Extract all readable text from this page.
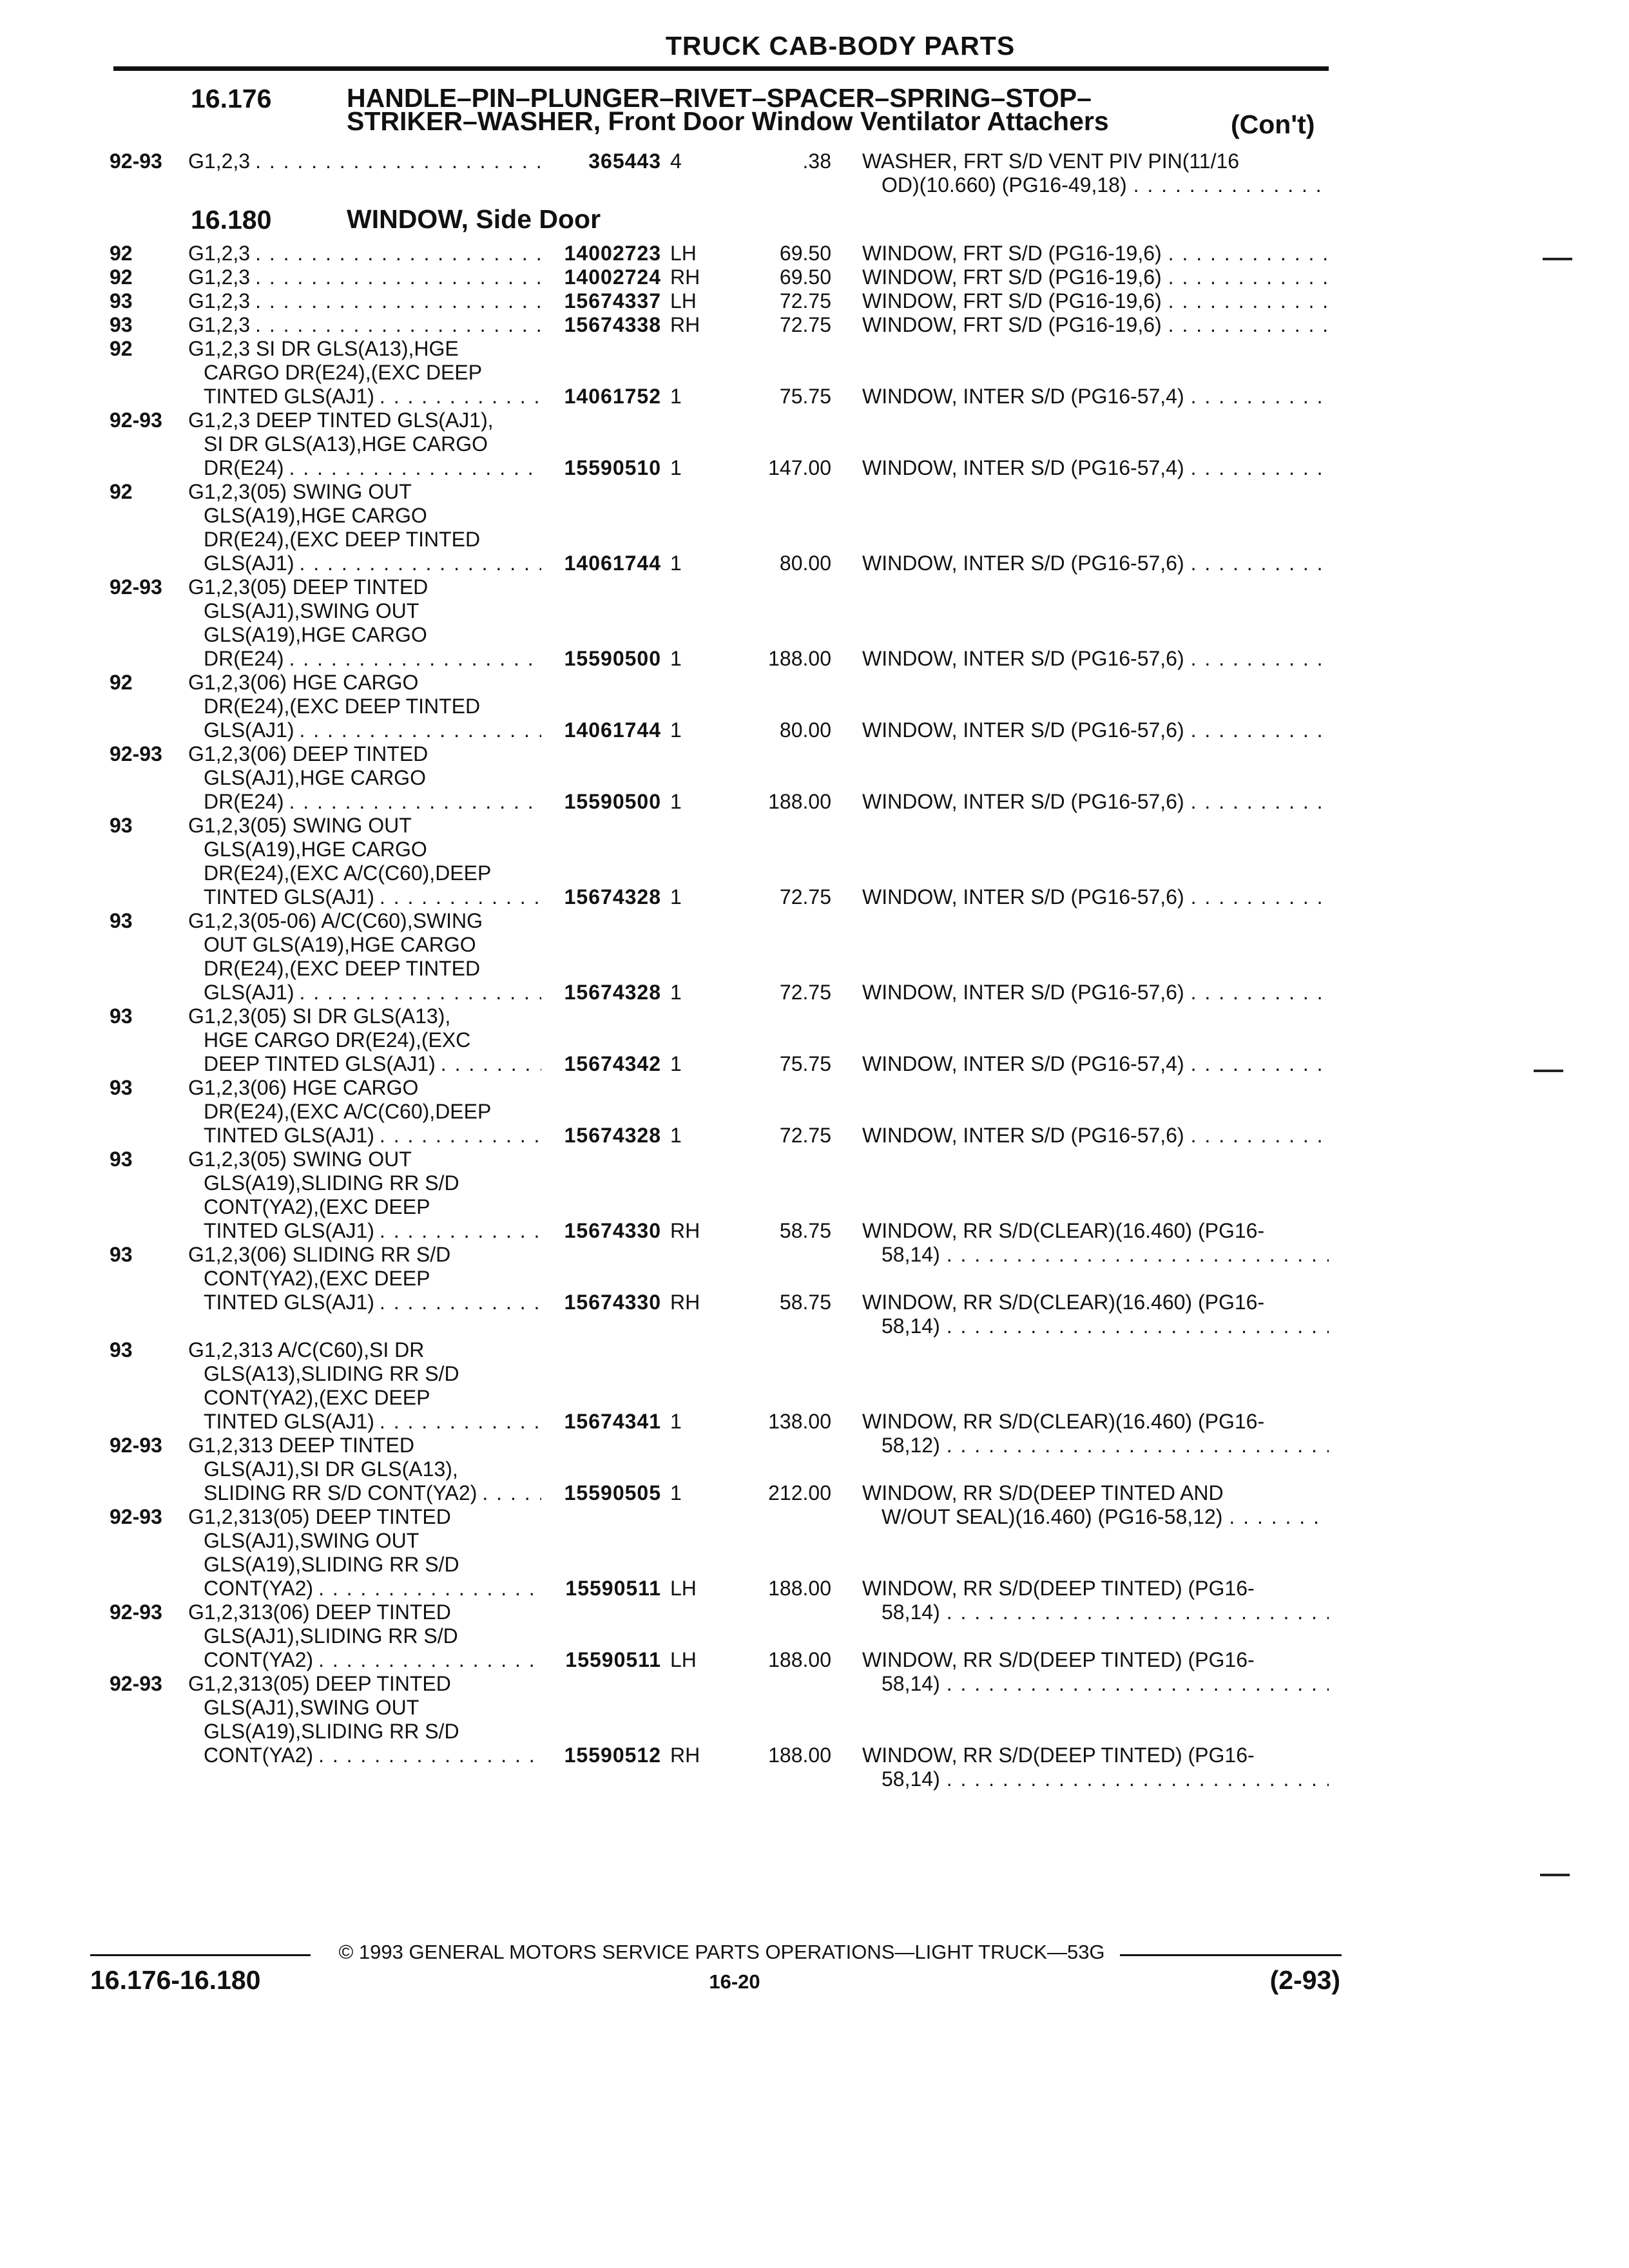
TRUCK CAB-BODY PARTS
16.176	HANDLE–PIN–PLUNGER–RIVET–SPACER–SPRING–STOP–
STRIKER–WASHER, Front Door Window Ventilator Attachers	(Con't)
16.180	WINDOW, Side Door
92-93	G1,2,3 . . .	365443 4	.38 WASHER, FRT S/D VENT PIV PIN(11/16
OD)(10.660) (PG16-49,18)
. . .
92	G1,2,3 . . .	14002723 LH	69.50 WINDOW, FRT S/D (PG16-19,6)
. . .
92	G1,2,3 . . .	14002724 RH	69.50 WINDOW, FRT S/D (PG16-19,6)
. . .
93	G1,2,3 . . .	15674337 LH	72.75 WINDOW, FRT S/D (PG16-19,6)
. . .
93	G1,2,3 . . .	15674338 RH	72.75 WINDOW, FRT S/D (PG16-19,6)
. . .
92	G1,2,3 SI DR GLS(A13),HGE
CARGO DR(E24),(EXC DEEP
TINTED GLS(AJ1) . . .	14061752 1	75.75 WINDOW, INTER S/D (PG16-57,4)
. . .
92-93	G1,2,3 DEEP TINTED GLS(AJ1),
SI DR GLS(A13),HGE CARGO
DR(E24) . . .	15590510 1	147.00 WINDOW, INTER S/D (PG16-57,4)
. . .
92	G1,2,3(05) SWING OUT
GLS(A19),HGE CARGO
DR(E24),(EXC DEEP TINTED
GLS(AJ1) . . .	14061744 1	80.00 WINDOW, INTER S/D (PG16-57,6)
. . .
92-93	G1,2,3(05) DEEP TINTED
GLS(AJ1),SWING OUT
GLS(A19),HGE CARGO
DR(E24) . . .	15590500 1	188.00 WINDOW, INTER S/D (PG16-57,6)
. . .
92	G1,2,3(06) HGE CARGO
DR(E24),(EXC DEEP TINTED
GLS(AJ1) . . .	14061744 1	80.00 WINDOW, INTER S/D (PG16-57,6)
. . .
92-93	G1,2,3(06) DEEP TINTED
GLS(AJ1),HGE CARGO
DR(E24) . . .	15590500 1	188.00 WINDOW, INTER S/D (PG16-57,6)
. . .
93	G1,2,3(05) SWING OUT
GLS(A19),HGE CARGO
DR(E24),(EXC A/C(C60),DEEP
TINTED GLS(AJ1) . . .	15674328 1	72.75 WINDOW, INTER S/D (PG16-57,6)
. . .
93	G1,2,3(05-06) A/C(C60),SWING
OUT GLS(A19),HGE CARGO
DR(E24),(EXC DEEP TINTED
GLS(AJ1) . . .	15674328 1	72.75 WINDOW, INTER S/D (PG16-57,6)
. . .
93	G1,2,3(05) SI DR GLS(A13),
HGE CARGO DR(E24),(EXC
DEEP TINTED GLS(AJ1) . . .	15674342 1	75.75 WINDOW, INTER S/D (PG16-57,4)
. . .
93	G1,2,3(06) HGE CARGO
DR(E24),(EXC A/C(C60),DEEP
TINTED GLS(AJ1) . . .	15674328 1	72.75 WINDOW, INTER S/D (PG16-57,6)
. . .
93	G1,2,3(05) SWING OUT
GLS(A19),SLIDING RR S/D
CONT(YA2),(EXC DEEP
TINTED GLS(AJ1) . . .	15674330 RH	58.75 WINDOW, RR S/D(CLEAR)(16.460) (PG16-
58,14)
. . .
93	G1,2,3(06) SLIDING RR S/D
CONT(YA2),(EXC DEEP
TINTED GLS(AJ1) . . .	15674330 RH	58.75 WINDOW, RR S/D(CLEAR)(16.460) (PG16-
58,14)
. . .
93	G1,2,313 A/C(C60),SI DR
GLS(A13),SLIDING RR S/D
CONT(YA2),(EXC DEEP
TINTED GLS(AJ1) . . .	15674341 1	138.00 WINDOW, RR S/D(CLEAR)(16.460) (PG16-
58,12)
. . .
92-93	G1,2,313 DEEP TINTED
GLS(AJ1),SI DR GLS(A13),
SLIDING RR S/D CONT(YA2) . . .	15590505 1	212.00 WINDOW, RR S/D(DEEP TINTED AND
W/OUT SEAL)(16.460) (PG16-58,12)
. . .
92-93	G1,2,313(05) DEEP TINTED
GLS(AJ1),SWING OUT
GLS(A19),SLIDING RR S/D
CONT(YA2) . . .	15590511 LH	188.00 WINDOW, RR S/D(DEEP TINTED) (PG16-
58,14)
. . .
92-93	G1,2,313(06) DEEP TINTED
GLS(AJ1),SLIDING RR S/D
CONT(YA2) . . .	15590511 LH	188.00 WINDOW, RR S/D(DEEP TINTED) (PG16-
58,14)
. . .
92-93	G1,2,313(05) DEEP TINTED
GLS(AJ1),SWING OUT
GLS(A19),SLIDING RR S/D
CONT(YA2) . . .	15590512 RH	188.00 WINDOW, RR S/D(DEEP TINTED) (PG16-
58,14)
. . .
© 1993 GENERAL MOTORS SERVICE PARTS OPERATIONS—LIGHT TRUCK—53G
16.176-16.180	16-20	(2-93)
